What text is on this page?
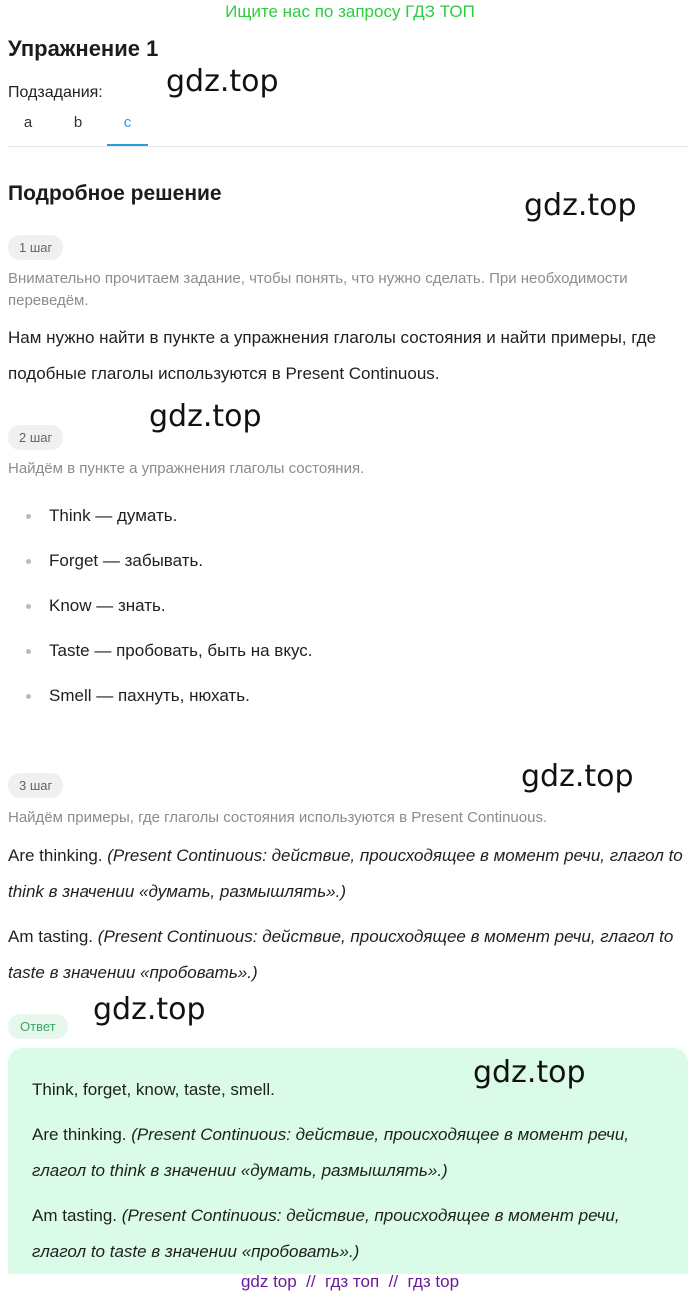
Ищите нас по запросу ГДЗ ТОП
Упражнение 1
Подзадания: gdz.top
a	b	c
Подробное решение	gdz.top
1 шаг
Внимательно прочитаем задание, чтобы понять, что нужно сделать. При необходимости переведём.
Нам нужно найти в пункте а упражнения глаголы состояния и найти примеры, где подобные глаголы используются в Present Continuous.
2 шаг
gdz.top
Найдём в пункте а упражнения глаголы состояния.
Think — думать.
Forget — забывать.
Know — знать.
Taste — пробовать, быть на вкус.
Smell — пахнуть, нюхать.
3 шаг	gdz.top
Найдём примеры, где глаголы состояния используются в Present Continuous.
Are thinking. (Present Continuous: действие, происходящее в момент речи, глагол to think в значении «думать, размышлять».)
Am tasting. (Present Continuous: действие, происходящее в момент речи, глагол to taste в значении «пробовать».)
Ответ	gdz.top
gdz.top
Think, forget, know, taste, smell.
Are thinking. (Present Continuous: действие, происходящее в момент речи, глагол to think в значении «думать, размышлять».)
Am tasting. (Present Continuous: действие, происходящее в момент речи, глагол to taste в значении «пробовать».)
gdz top  //  гдз топ  //  гдз top
